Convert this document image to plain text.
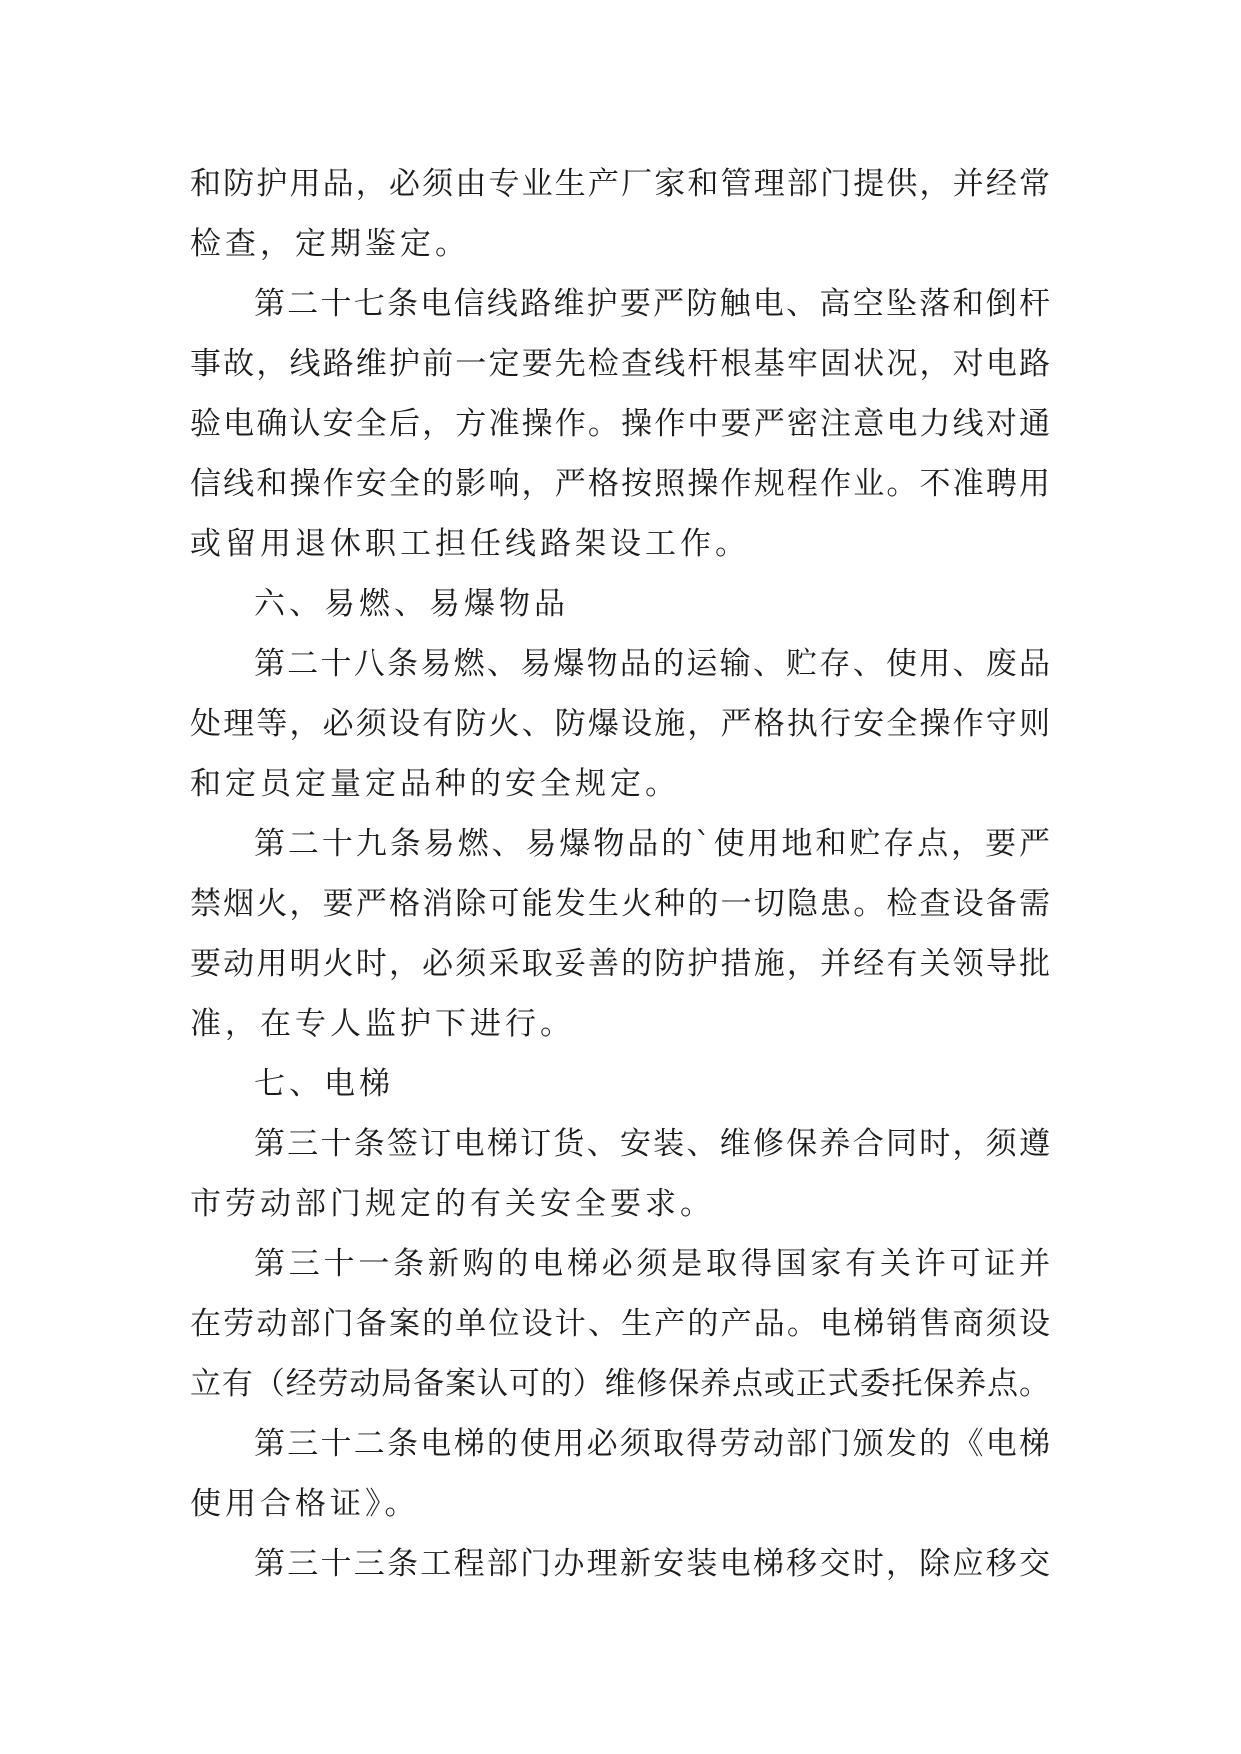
和防护用品，必须由专业生产厂家和管理部门提供，并经常
检查，定期鉴定。
第二十七条电信线路维护要严防触电、高空坠落和倒杆
事故，线路维护前一定要先检查线杆根基牢固状况，对电路
验电确认安全后，方准操作。操作中要严密注意电力线对通
信线和操作安全的影响，严格按照操作规程作业。不准聘用
或留用退休职工担任线路架设工作。
六、易燃、易爆物品
第二十八条易燃、易爆物品的运输、贮存、使用、废品
处理等，必须设有防火、防爆设施，严格执行安全操作守则
和定员定量定品种的安全规定。
第二十九条易燃、易爆物品的`使用地和贮存点，要严
禁烟火，要严格消除可能发生火种的一切隐患。检查设备需
要动用明火时，必须采取妥善的防护措施，并经有关领导批
准，在专人监护下进行。
七、电梯
第三十条签订电梯订货、安装、维修保养合同时，须遵
市劳动部门规定的有关安全要求。
第三十一条新购的电梯必须是取得国家有关许可证并
在劳动部门备案的单位设计、生产的产品。电梯销售商须设
立有（经劳动局备案认可的）维修保养点或正式委托保养点。
第三十二条电梯的使用必须取得劳动部门颁发的《电梯
使用合格证》。
第三十三条工程部门办理新安装电梯移交时，除应移交
